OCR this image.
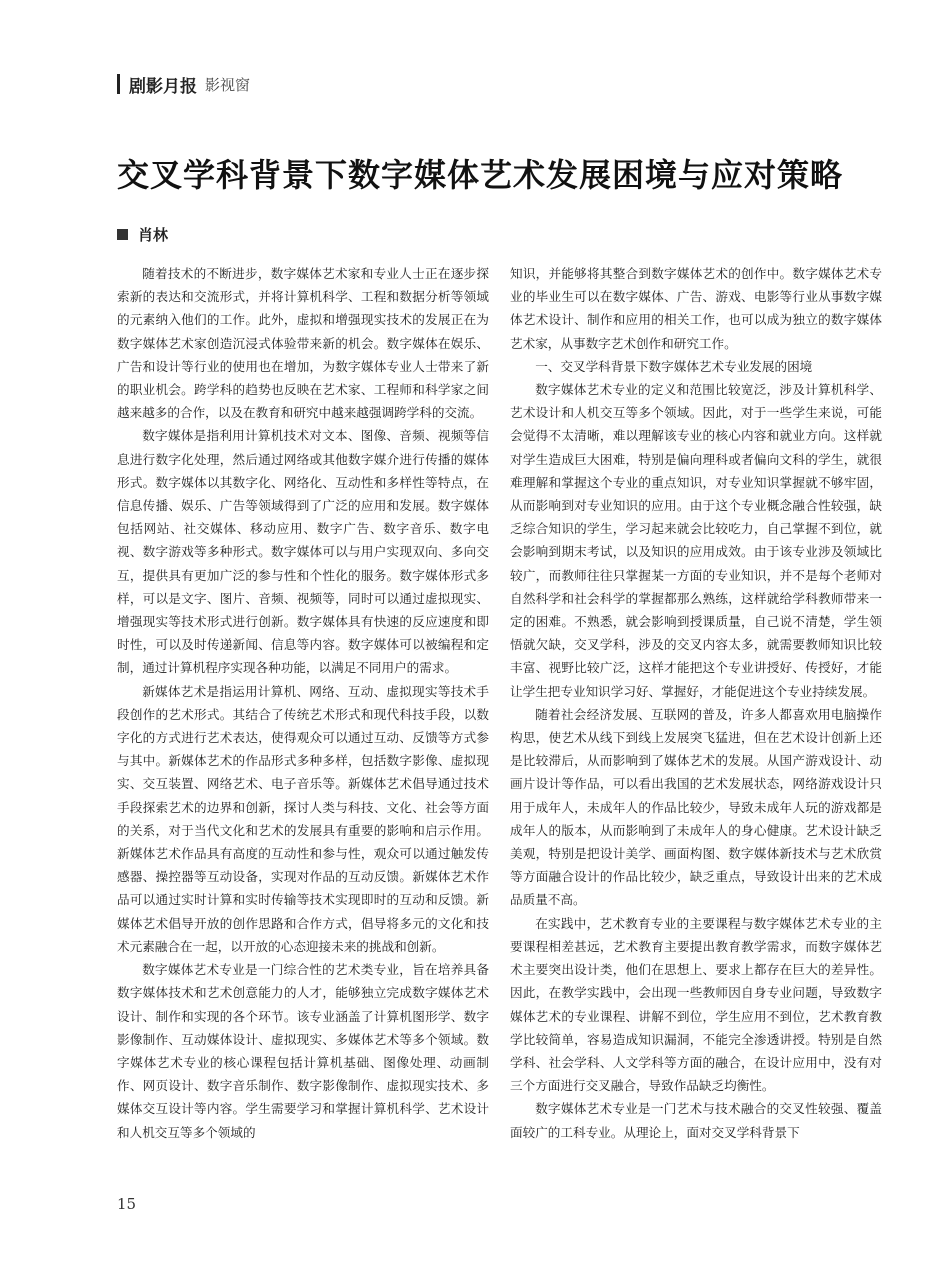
剧影月报 影视窗
交叉学科背景下数字媒体艺术发展困境与应对策略
肖林

随着技术的不断进步，数字媒体艺术家和专业人士正在逐步探索新的表达和交流形式，并将计算机科学、工程和数据分析等领域的元素纳入他们的工作。此外，虚拟和增强现实技术的发展正在为数字媒体艺术家创造沉浸式体验带来新的机会。数字媒体在娱乐、广告和设计等行业的使用也在增加，为数字媒体专业人士带来了新的职业机会。跨学科的趋势也反映在艺术家、工程师和科学家之间越来越多的合作，以及在教育和研究中越来越强调跨学科的交流。

数字媒体是指利用计算机技术对文本、图像、音频、视频等信息进行数字化处理，然后通过网络或其他数字媒介进行传播的媒体形式。数字媒体以其数字化、网络化、互动性和多样性等特点，在信息传播、娱乐、广告等领域得到了广泛的应用和发展。数字媒体包括网站、社交媒体、移动应用、数字广告、数字音乐、数字电视、数字游戏等多种形式。数字媒体可以与用户实现双向、多向交互，提供具有更加广泛的参与性和个性化的服务。数字媒体形式多样，可以是文字、图片、音频、视频等，同时可以通过虚拟现实、增强现实等技术形式进行创新。数字媒体具有快速的反应速度和即时性，可以及时传递新闻、信息等内容。数字媒体可以被编程和定制，通过计算机程序实现各种功能，以满足不同用户的需求。

新媒体艺术是指运用计算机、网络、互动、虚拟现实等技术手段创作的艺术形式。其结合了传统艺术形式和现代科技手段，以数字化的方式进行艺术表达，使得观众可以通过互动、反馈等方式参与其中。新媒体艺术的作品形式多种多样，包括数字影像、虚拟现实、交互装置、网络艺术、电子音乐等。新媒体艺术倡导通过技术手段探索艺术的边界和创新，探讨人类与科技、文化、社会等方面的关系，对于当代文化和艺术的发展具有重要的影响和启示作用。新媒体艺术作品具有高度的互动性和参与性，观众可以通过触发传感器、操控器等互动设备，实现对作品的互动反馈。新媒体艺术作品可以通过实时计算和实时传输等技术实现即时的互动和反馈。新媒体艺术倡导开放的创作思路和合作方式，倡导将多元的文化和技术元素融合在一起，以开放的心态迎接未来的挑战和创新。

数字媒体艺术专业是一门综合性的艺术类专业，旨在培养具备数字媒体技术和艺术创意能力的人才，能够独立完成数字媒体艺术设计、制作和实现的各个环节。该专业涵盖了计算机图形学、数字影像制作、互动媒体设计、虚拟现实、多媒体艺术等多个领域。数字媒体艺术专业的核心课程包括计算机基础、图像处理、动画制作、网页设计、数字音乐制作、数字影像制作、虚拟现实技术、多媒体交互设计等内容。学生需要学习和掌握计算机科学、艺术设计和人机交互等多个领域的

知识，并能够将其整合到数字媒体艺术的创作中。数字媒体艺术专业的毕业生可以在数字媒体、广告、游戏、电影等行业从事数字媒体艺术设计、制作和应用的相关工作，也可以成为独立的数字媒体艺术家，从事数字艺术创作和研究工作。

一、交叉学科背景下数字媒体艺术专业发展的困境

数字媒体艺术专业的定义和范围比较宽泛，涉及计算机科学、艺术设计和人机交互等多个领域。因此，对于一些学生来说，可能会觉得不太清晰，难以理解该专业的核心内容和就业方向。这样就对学生造成巨大困难，特别是偏向理科或者偏向文科的学生，就很难理解和掌握这个专业的重点知识，对专业知识掌握就不够牢固，从而影响到对专业知识的应用。由于这个专业概念融合性较强，缺乏综合知识的学生，学习起来就会比较吃力，自己掌握不到位，就会影响到期末考试，以及知识的应用成效。由于该专业涉及领域比较广，而教师往往只掌握某一方面的专业知识，并不是每个老师对自然科学和社会科学的掌握都那么熟练，这样就给学科教师带来一定的困难。不熟悉，就会影响到授课质量，自己说不清楚，学生领悟就欠缺，交叉学科，涉及的交叉内容太多，就需要教师知识比较丰富、视野比较广泛，这样才能把这个专业讲授好、传授好，才能让学生把专业知识学习好、掌握好，才能促进这个专业持续发展。

随着社会经济发展、互联网的普及，许多人都喜欢用电脑操作构思，使艺术从线下到线上发展突飞猛进，但在艺术设计创新上还是比较滞后，从而影响到了媒体艺术的发展。从国产游戏设计、动画片设计等作品，可以看出我国的艺术发展状态，网络游戏设计只用于成年人，未成年人的作品比较少，导致未成年人玩的游戏都是成年人的版本，从而影响到了未成年人的身心健康。艺术设计缺乏美观，特别是把设计美学、画面构图、数字媒体新技术与艺术欣赏等方面融合设计的作品比较少，缺乏重点，导致设计出来的艺术成品质量不高。

在实践中，艺术教育专业的主要课程与数字媒体艺术专业的主要课程相差甚远，艺术教育主要提出教育教学需求，而数字媒体艺术主要突出设计类，他们在思想上、要求上都存在巨大的差异性。因此，在教学实践中，会出现一些教师因自身专业问题，导致数字媒体艺术的专业课程、讲解不到位，学生应用不到位，艺术教育教学比较简单，容易造成知识漏洞，不能完全渗透讲授。特别是自然学科、社会学科、人文学科等方面的融合，在设计应用中，没有对三个方面进行交叉融合，导致作品缺乏均衡性。

数字媒体艺术专业是一门艺术与技术融合的交叉性较强、覆盖面较广的工科专业。从理论上，面对交叉学科背景下

15
